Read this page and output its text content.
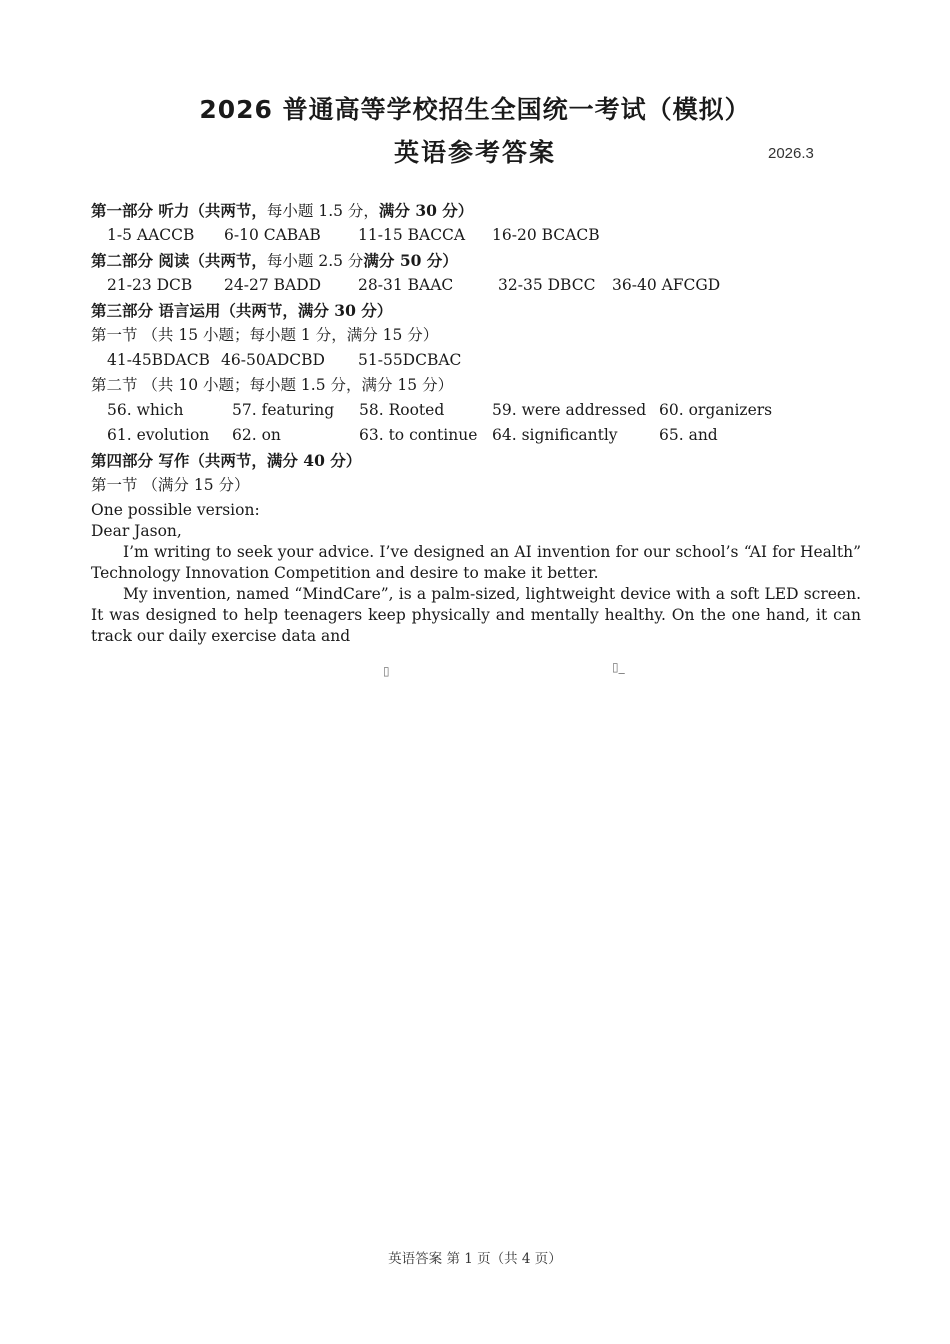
2026 普通高等学校招生全国统一考试（模拟）
英语参考答案	2026.3
第一部分 听力（共两节，每小题 1.5 分，满分 30 分）
1-5 AACCB 6-10 CABAB 11-15 BACCA 16-20 BCACB
第二部分 阅读（共两节，每小题 2.5 分满分 50 分）
21-23 DCB 24-27 BADD 28-31 BAAC	32-35 DBCC 36-40 AFCGD
第三部分 语言运用（共两节，满分 30 分）
第一节 （共 15 小题；每小题 1 分，满分 15 分）
41-45BDACB 46-50ADCBD 51-55DCBAC
第二节 （共 10 小题；每小题 1.5 分，满分 15 分）
56. which	57. featuring 58. Rooted	59. were addressed 60. organizers
61. evolution 62. on	63. to continue 64. significantly	65. and
第四部分 写作（共两节，满分 40 分）
第一节 （满分 15 分）
One possible version:
Dear Jason,

I’m writing to seek your advice. I’ve designed an AI invention for our school’s “AI for Health” Technology Innovation Competition and desire to make it better.

My invention, named “MindCare”, is a palm-sized, lightweight device with a soft LED screen. It was designed to help teenagers keep physically and mentally healthy. On the one hand, it can track our daily exercise data and

▯	▯_
英语答案 第 1 页（共 4 页）
